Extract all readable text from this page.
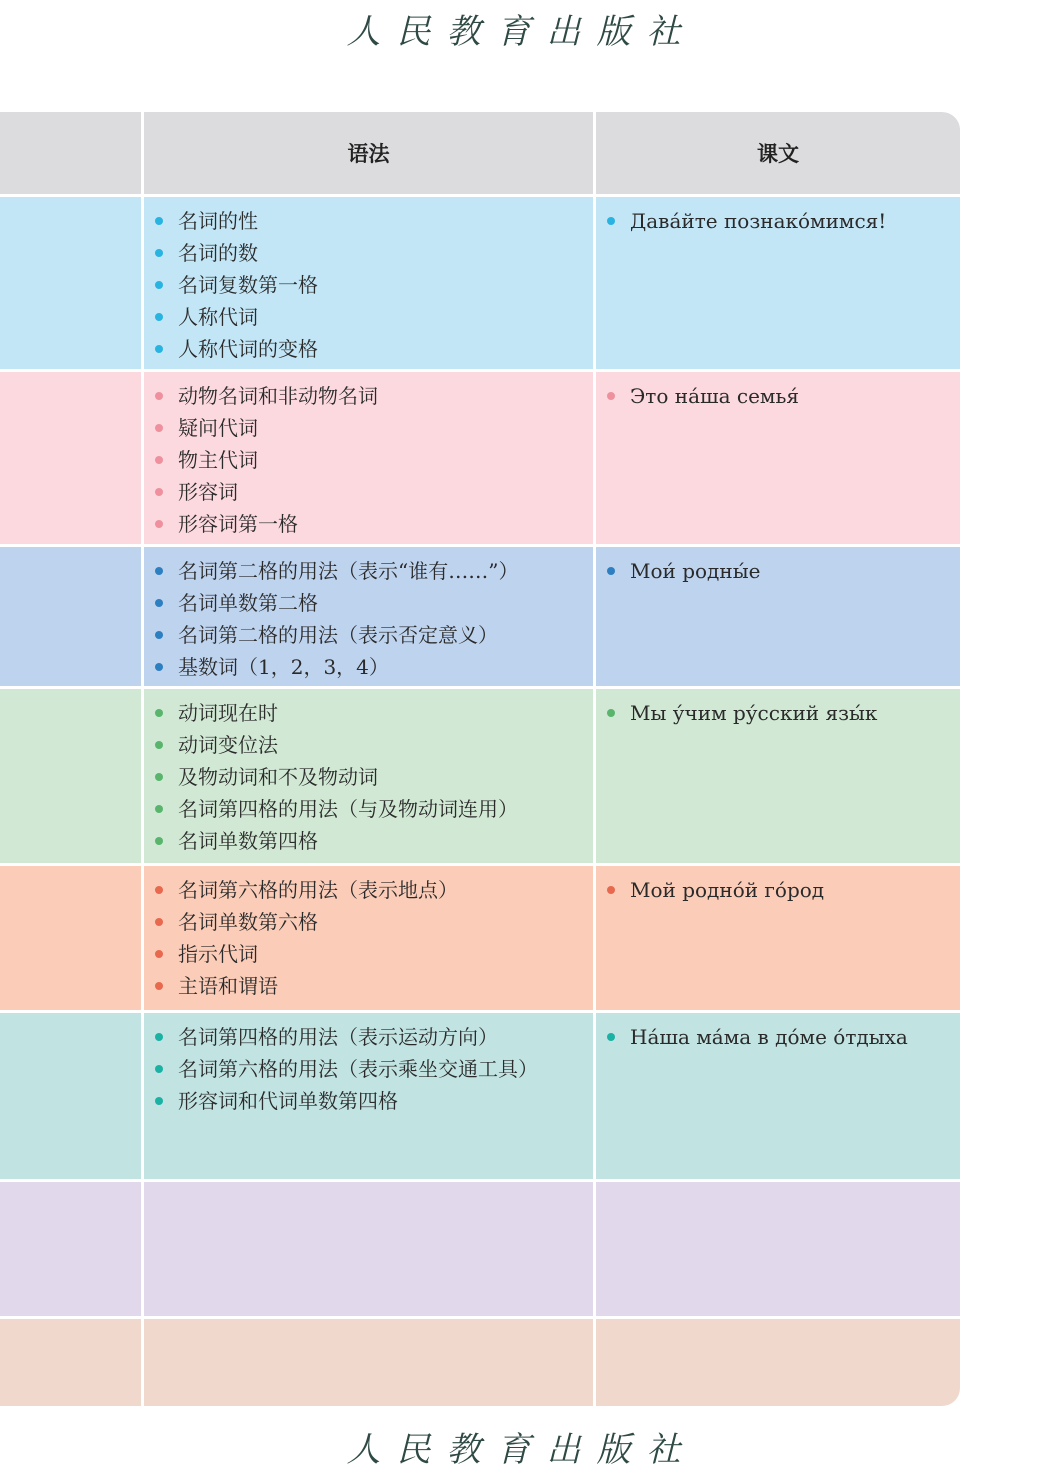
人民教育出版社
语法	课文
名词的性
名词的数
名词复数第一格
人称代词
人称代词的变格
Дава́йте познако́мимся!
动物名词和非动物名词
疑问代词
物主代词
形容词
形容词第一格
Это на́ша семья́
名词第二格的用法（表示“谁有……”）
名词单数第二格
名词第二格的用法（表示否定意义）
基数词（1，2，3，4）
Мои́ родны́е
动词现在时
动词变位法
及物动词和不及物动词
名词第四格的用法（与及物动词连用）
名词单数第四格
Мы у́чим ру́сский язы́к
名词第六格的用法（表示地点）
名词单数第六格
指示代词
主语和谓语
Мой родно́й го́род
名词第四格的用法（表示运动方向）
名词第六格的用法（表示乘坐交通工具）
形容词和代词单数第四格
На́ша ма́ма в до́ме о́тдыха
人民教育出版社
